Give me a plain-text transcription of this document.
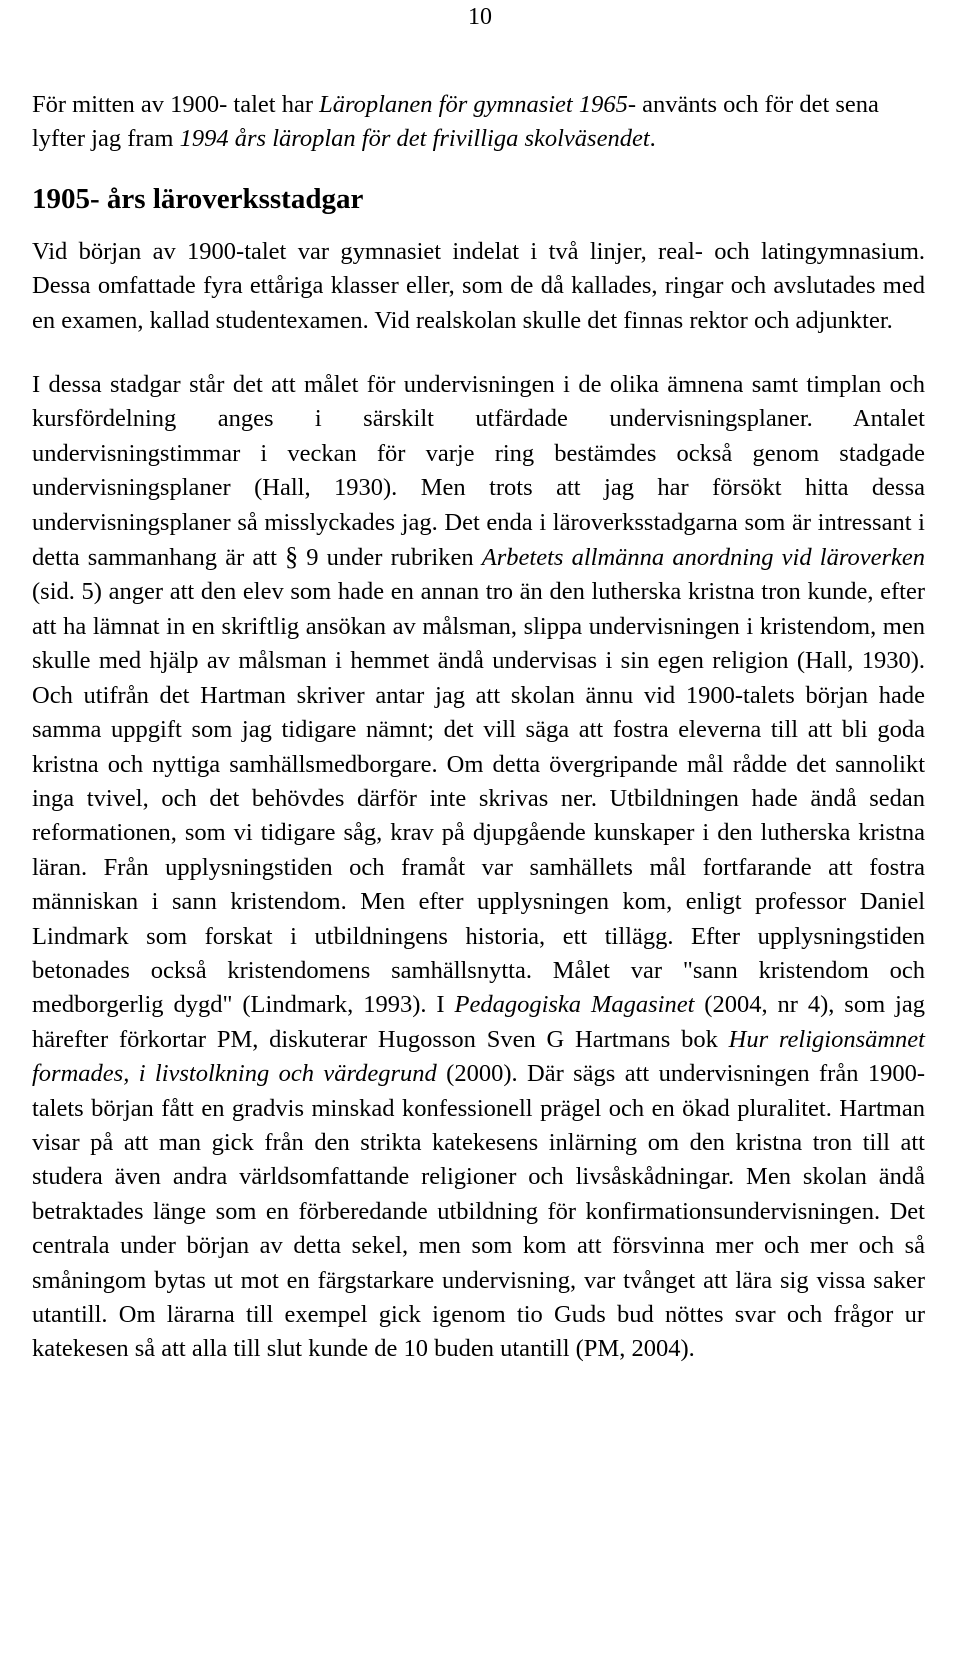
10

För mitten av 1900- talet har Läroplanen för gymnasiet 1965- använts och för det sena lyfter jag fram 1994 års läroplan för det frivilliga skolväsendet.

1905- års läroverksstadgar

Vid början av 1900-talet var gymnasiet indelat i två linjer, real- och latingymnasium. Dessa omfattade fyra ettåriga klasser eller, som de då kallades, ringar och avslutades med en examen, kallad studentexamen. Vid realskolan skulle det finnas rektor och adjunkter.

I dessa stadgar står det att målet för undervisningen i de olika ämnena samt timplan och kursfördelning anges i särskilt utfärdade undervisningsplaner. Antalet undervisningstimmar i veckan för varje ring bestämdes också genom stadgade undervisningsplaner (Hall, 1930). Men trots att jag har försökt hitta dessa undervisningsplaner så misslyckades jag. Det enda i läroverksstadgarna som är intressant i detta sammanhang är att § 9 under rubriken Arbetets allmänna anordning vid läroverken (sid. 5) anger att den elev som hade en annan tro än den lutherska kristna tron kunde, efter att ha lämnat in en skriftlig ansökan av målsman, slippa undervisningen i kristendom, men skulle med hjälp av målsman i hemmet ändå undervisas i sin egen religion (Hall, 1930). Och utifrån det Hartman skriver antar jag att skolan ännu vid 1900-talets början hade samma uppgift som jag tidigare nämnt; det vill säga att fostra eleverna till att bli goda kristna och nyttiga samhällsmedborgare. Om detta övergripande mål rådde det sannolikt inga tvivel, och det behövdes därför inte skrivas ner. Utbildningen hade ändå sedan reformationen, som vi tidigare såg, krav på djupgående kunskaper i den lutherska kristna läran. Från upplysningstiden och framåt var samhällets mål fortfarande att fostra människan i sann kristendom. Men efter upplysningen kom, enligt professor Daniel Lindmark som forskat i utbildningens historia, ett tillägg. Efter upplysningstiden betonades också kristendomens samhällsnytta. Målet var "sann kristendom och medborgerlig dygd" (Lindmark, 1993). I Pedagogiska Magasinet (2004, nr 4), som jag härefter förkortar PM, diskuterar Hugosson Sven G Hartmans bok Hur religionsämnet formades, i livstolkning och värdegrund (2000). Där sägs att undervisningen från 1900-talets början fått en gradvis minskad konfessionell prägel och en ökad pluralitet. Hartman visar på att man gick från den strikta katekesens inlärning om den kristna tron till att studera även andra världsomfattande religioner och livsåskådningar. Men skolan ändå betraktades länge som en förberedande utbildning för konfirmationsundervisningen. Det centrala under början av detta sekel, men som kom att försvinna mer och mer och så småningom bytas ut mot en färgstarkare undervisning, var tvånget att lära sig vissa saker utantill. Om lärarna till exempel gick igenom tio Guds bud nöttes svar och frågor ur katekesen så att alla till slut kunde de 10 buden utantill (PM, 2004).
